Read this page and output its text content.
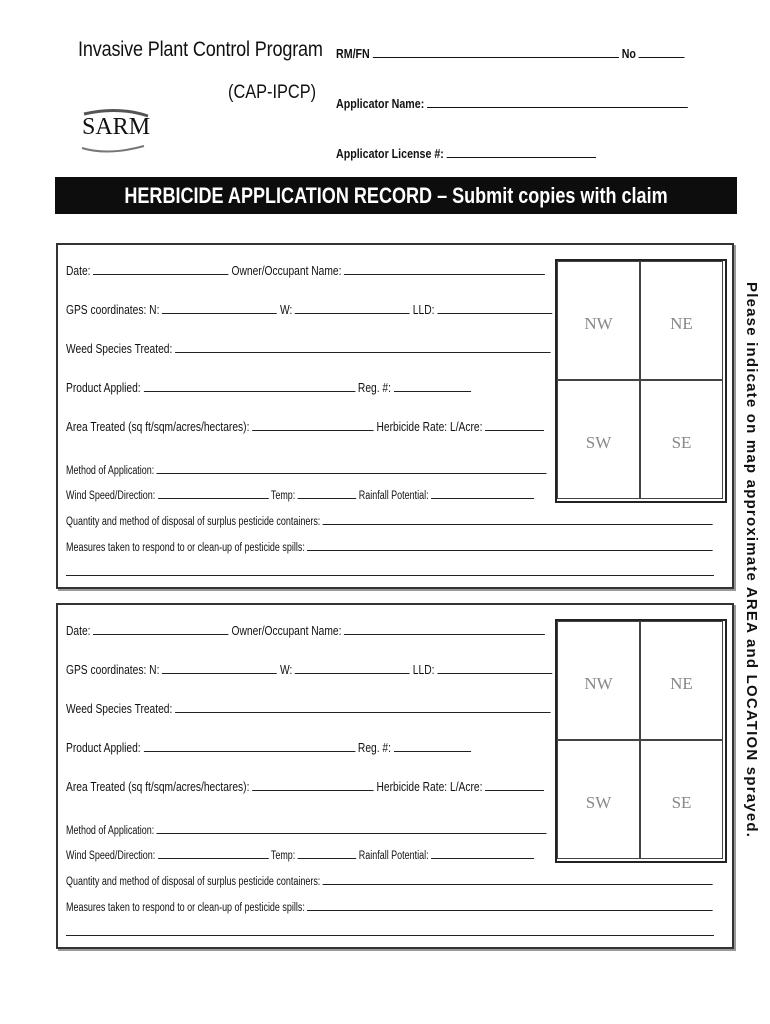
Invasive Plant Control Program
(CAP-IPCP)
SARM
RM/FN	No
Applicator Name:
Applicator License #:
HERBICIDE APPLICATION RECORD – Submit copies with claim
Date:	Owner/Occupant Name:
GPS coordinates: N:	W:	LLD:
Weed Species Treated:
Product Applied:	Reg. #:
Area Treated (sq ft/sqm/acres/hectares):	Herbicide Rate: L/Acre:
Method of Application:
Wind Speed/Direction:	Temp:	Rainfall Potential:
Quantity and method of disposal of surplus pesticide containers:
Measures taken to respond to or clean-up of pesticide spills:
NW	NE
SW	SE
Date:	Owner/Occupant Name:
GPS coordinates: N:	W:	LLD:
Weed Species Treated:
Product Applied:	Reg. #:
Area Treated (sq ft/sqm/acres/hectares):	Herbicide Rate: L/Acre:
Method of Application:
Wind Speed/Direction:	Temp:	Rainfall Potential:
Quantity and method of disposal of surplus pesticide containers:
Measures taken to respond to or clean-up of pesticide spills:
NW	NE
SW	SE	Please indicate on map approximate AREA and LOCATION sprayed.
